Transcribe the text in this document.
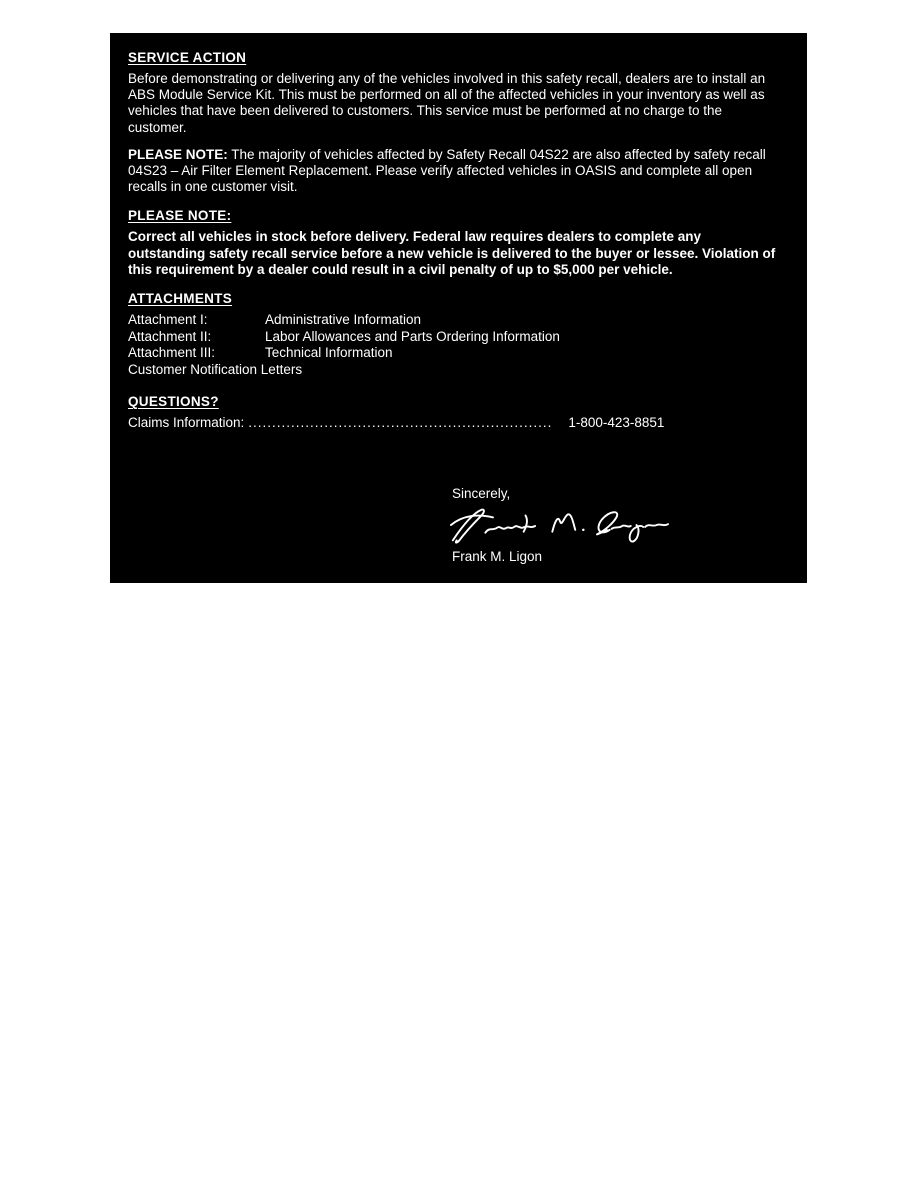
SERVICE ACTION

Before demonstrating or delivering any of the vehicles involved in this safety recall, dealers are to install an ABS Module Service Kit. This must be performed on all of the affected vehicles in your inventory as well as vehicles that have been delivered to customers. This service must be performed at no charge to the customer.

PLEASE NOTE: The majority of vehicles affected by Safety Recall 04S22 are also affected by safety recall 04S23 – Air Filter Element Replacement. Please verify affected vehicles in OASIS and complete all open recalls in one customer visit.

PLEASE NOTE:

Correct all vehicles in stock before delivery. Federal law requires dealers to complete any outstanding safety recall service before a new vehicle is delivered to the buyer or lessee. Violation of this requirement by a dealer could result in a civil penalty of up to $5,000 per vehicle.

ATTACHMENTS
Attachment I:	Administrative Information
Attachment II:	Labor Allowances and Parts Ordering Information
Attachment III:	Technical Information
Customer Notification Letters
QUESTIONS?
Claims Information: ................................................................ 1-800-423-8851
Sincerely,
Frank M. Ligon
